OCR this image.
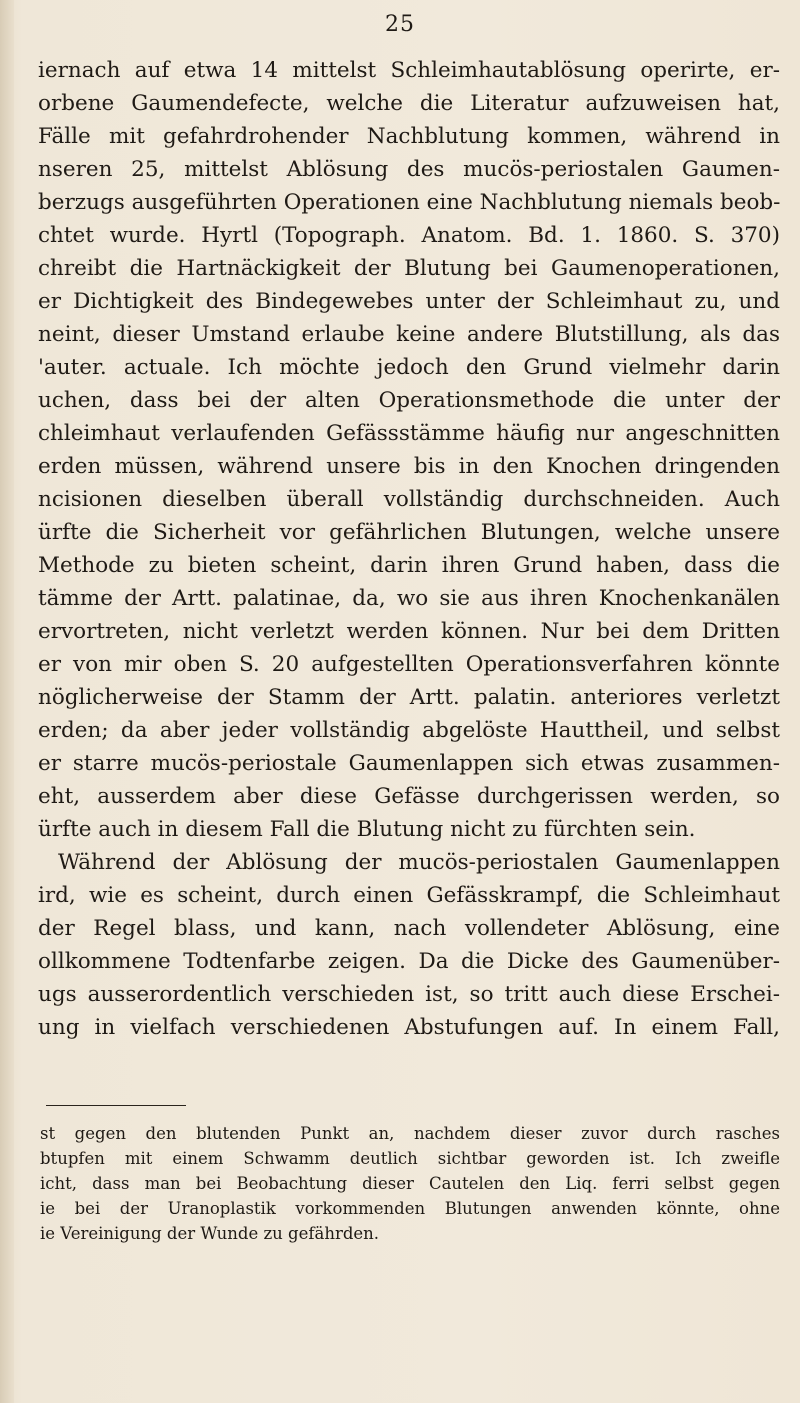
25
iernach auf etwa 14 mittelst Schleimhautablösung operirte, er-
orbene Gaumendefecte, welche die Literatur aufzuweisen hat,
Fälle mit gefahrdrohender Nachblutung kommen, während in
nseren 25, mittelst Ablösung des mucös-periostalen Gaumen-
berzugs ausgeführten Operationen eine Nachblutung niemals beob-
chtet wurde. Hyrtl (Topograph. Anatom. Bd. 1. 1860. S. 370)
chreibt die Hartnäckigkeit der Blutung bei Gaumenoperationen,
er Dichtigkeit des Bindegewebes unter der Schleimhaut zu, und
neint, dieser Umstand erlaube keine andere Blutstillung, als das
'auter. actuale. Ich möchte jedoch den Grund vielmehr darin
uchen, dass bei der alten Operationsmethode die unter der
chleimhaut verlaufenden Gefässstämme häufig nur angeschnitten
erden müssen, während unsere bis in den Knochen dringenden
ncisionen dieselben überall vollständig durchschneiden. Auch
ürfte die Sicherheit vor gefährlichen Blutungen, welche unsere
Methode zu bieten scheint, darin ihren Grund haben, dass die
tämme der Artt. palatinae, da, wo sie aus ihren Knochenkanälen
ervortreten, nicht verletzt werden können. Nur bei dem Dritten
er von mir oben S. 20 aufgestellten Operationsverfahren könnte
nöglicherweise der Stamm der Artt. palatin. anteriores verletzt
erden; da aber jeder vollständig abgelöste Hauttheil, und selbst
er starre mucös-periostale Gaumenlappen sich etwas zusammen-
eht, ausserdem aber diese Gefässe durchgerissen werden, so
ürfte auch in diesem Fall die Blutung nicht zu fürchten sein.
Während der Ablösung der mucös-periostalen Gaumenlappen
ird, wie es scheint, durch einen Gefässkrampf, die Schleimhaut
der Regel blass, und kann, nach vollendeter Ablösung, eine
ollkommene Todtenfarbe zeigen. Da die Dicke des Gaumenüber-
ugs ausserordentlich verschieden ist, so tritt auch diese Erschei-
ung in vielfach verschiedenen Abstufungen auf. In einem Fall,
st gegen den blutenden Punkt an, nachdem dieser zuvor durch rasches
btupfen mit einem Schwamm deutlich sichtbar geworden ist. Ich zweifle
icht, dass man bei Beobachtung dieser Cautelen den Liq. ferri selbst gegen
ie bei der Uranoplastik vorkommenden Blutungen anwenden könnte, ohne
ie Vereinigung der Wunde zu gefährden.
